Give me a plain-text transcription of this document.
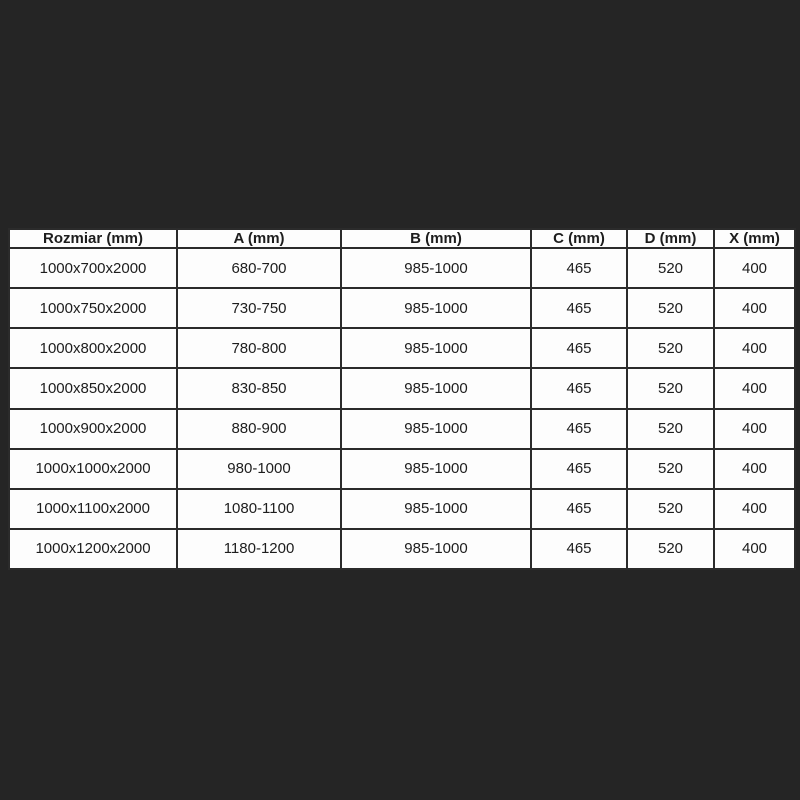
Rozmiar (mm)	A (mm)	B (mm)	C (mm)	D (mm)	X (mm)
1000x700x2000	680-700	985-1000	465	520	400
1000x750x2000	730-750	985-1000	465	520	400
1000x800x2000	780-800	985-1000	465	520	400
1000x850x2000	830-850	985-1000	465	520	400
1000x900x2000	880-900	985-1000	465	520	400
1000x1000x2000	980-1000	985-1000	465	520	400
1000x1100x2000	1080-1100	985-1000	465	520	400
1000x1200x2000	1180-1200	985-1000	465	520	400
